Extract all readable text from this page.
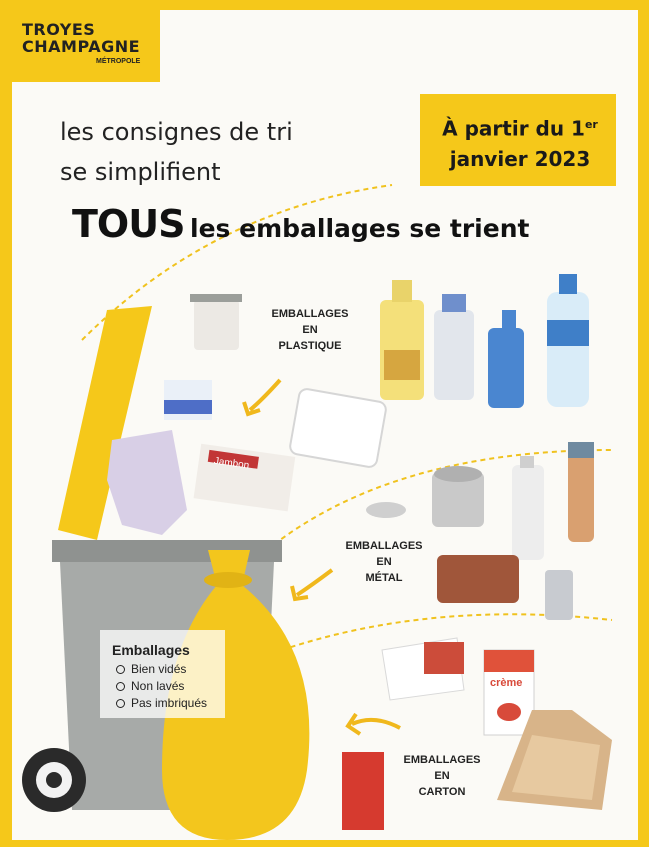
Jambon
crème
TROYES
CHAMPAGNE
MÉTROPOLE
À partir du 1er
janvier 2023
les consignes de tri
se simplifient
TOUS les emballages se trient
EMBALLAGES
EN
PLASTIQUE
EMBALLAGES
EN
MÉTAL
EMBALLAGES
EN
CARTON
Emballages
Bien vidés
Non lavés
Pas imbriqués
